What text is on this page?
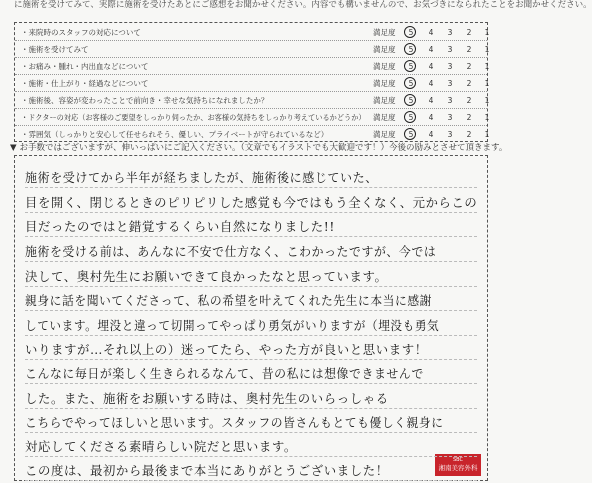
に施術を受けてみて、実際に施術を受けたあとにご感想をお聞かせください。内容でも構いませんので、お気づきになられたことをお聞かせください。
・来院時のスタッフの対応について	満足度	5	4	3	2	1
・施術を受けてみて	満足度	5	4	3	2	1
・お痛み・腫れ・内出血などについて	満足度	5	4	3	2	1
・施術・仕上がり・経過などについて	満足度	5	4	3	2	1
・施術後、容姿が変わったことで前向き・幸せな気持ちになれましたか？	満足度	5	4	3	2	1
・ドクターの対応（お客様のご要望をしっかり伺ったか、お客様の気持ちをしっかり考えているかどうか） 満足度	5	4	3	2	1
・雰囲気（しっかりと安心して任せられそう、優しい、プライベートが守られているなど）	満足度	5	4	3	2	1
▼ お手数ではございますが、伸いっぱいにご記入ください。（文章でもイラストでも大歓迎です！）今後の励みとさせて頂きます。
SBC
湘南美容外科
施術を受けてから半年が経ちましたが、施術後に感じていた、
目を開く、閉じるときのピリピリした感覚も今ではもう全くなく、元からこの
目だったのではと錯覚するくらい自然になりました!!
施術を受ける前は、あんなに不安で仕方なく、こわかったですが、今では
決して、奥村先生にお願いできて良かったなと思っています。
親身に話を聞いてくださって、私の希望を叶えてくれた先生に本当に感謝
しています。埋没と違って切開ってやっぱり勇気がいりますが（埋没も勇気
いりますが…それ以上の）迷ってたら、やった方が良いと思います！
こんなに毎日が楽しく生きられるなんて、昔の私には想像できませんで
した。また、施術をお願いする時は、奥村先生のいらっしゃる
こちらでやってほしいと思います。スタッフの皆さんもとても優しく親身に
対応してくださる素晴らしい院だと思います。
この度は、最初から最後まで本当にありがとうございました！
